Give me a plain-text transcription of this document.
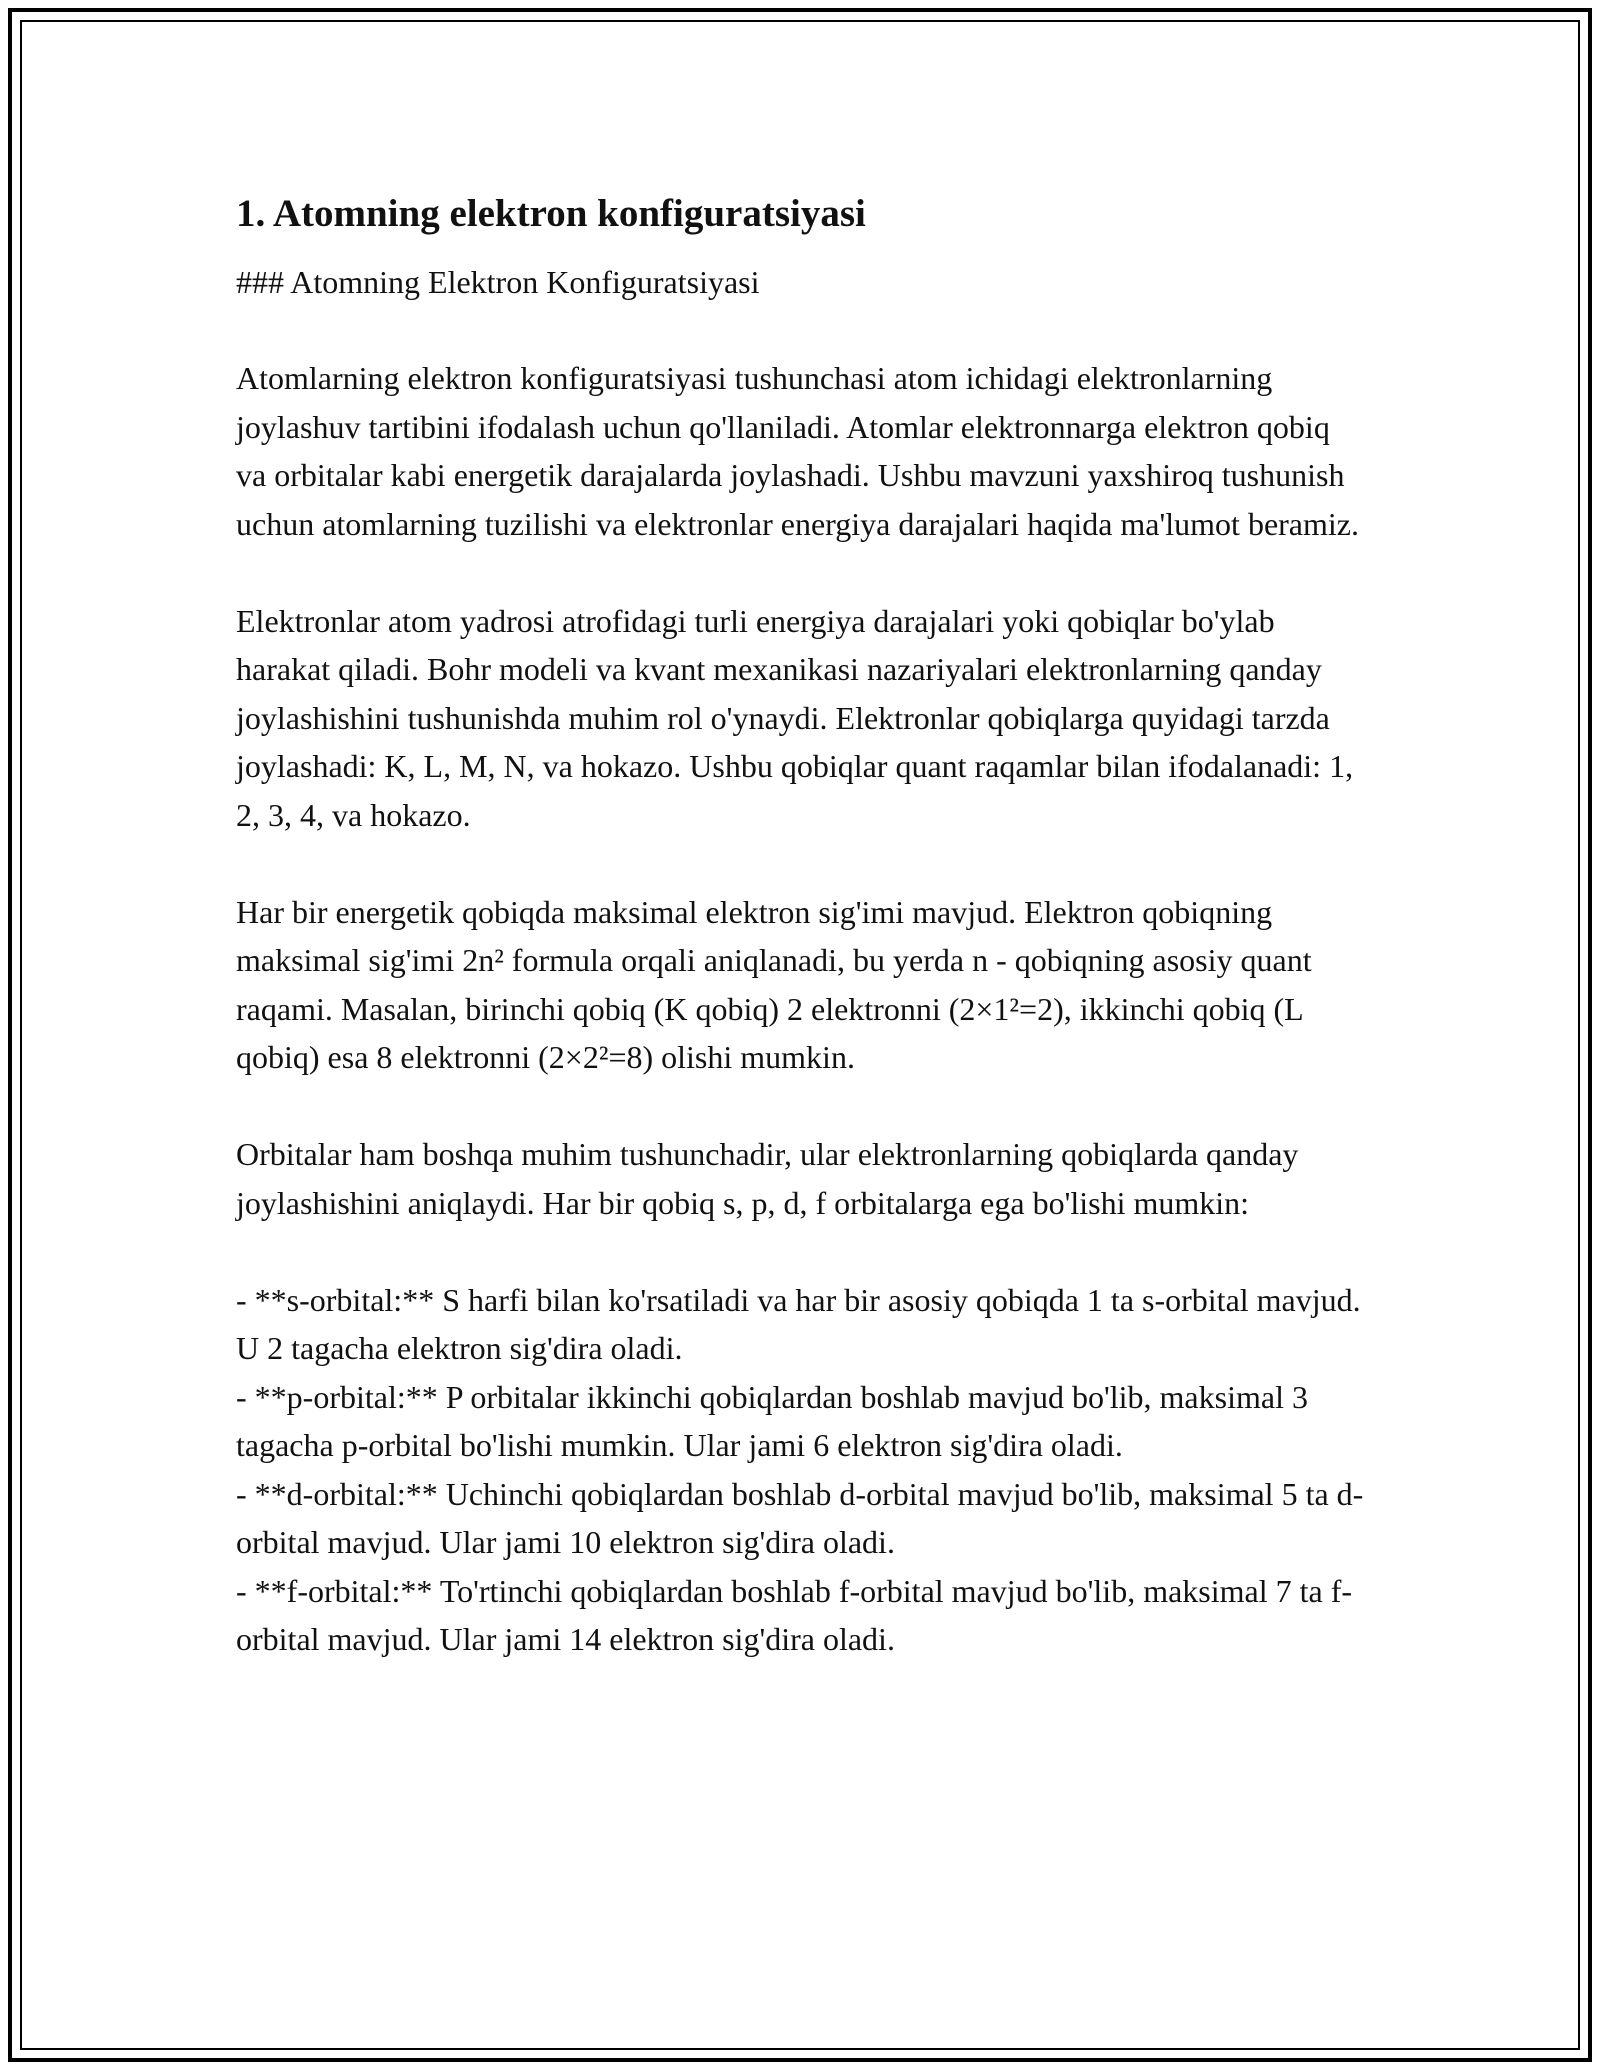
1. Atomning elektron konfiguratsiyasi
### Atomning Elektron Konfiguratsiyasi

Atomlarning elektron konfiguratsiyasi tushunchasi atom ichidagi elektronlarning joylashuv tartibini ifodalash uchun qo'llaniladi. Atomlar elektronnarga elektron qobiq va orbitalar kabi energetik darajalarda joylashadi. Ushbu mavzuni yaxshiroq tushunish uchun atomlarning tuzilishi va elektronlar energiya darajalari haqida ma'lumot beramiz.

Elektronlar atom yadrosi atrofidagi turli energiya darajalari yoki qobiqlar bo'ylab harakat qiladi. Bohr modeli va kvant mexanikasi nazariyalari elektronlarning qanday joylashishini tushunishda muhim rol o'ynaydi. Elektronlar qobiqlarga quyidagi tarzda joylashadi: K, L, M, N, va hokazo. Ushbu qobiqlar quant raqamlar bilan ifodalanadi: 1, 2, 3, 4, va hokazo.

Har bir energetik qobiqda maksimal elektron sig'imi mavjud. Elektron qobiqning maksimal sig'imi 2n² formula orqali aniqlanadi, bu yerda n - qobiqning asosiy quant raqami. Masalan, birinchi qobiq (K qobiq) 2 elektronni (2×1²=2), ikkinchi qobiq (L qobiq) esa 8 elektronni (2×2²=8) olishi mumkin.

Orbitalar ham boshqa muhim tushunchadir, ular elektronlarning qobiqlarda qanday joylashishini aniqlaydi. Har bir qobiq s, p, d, f orbitalarga ega bo'lishi mumkin:

- **s-orbital:** S harfi bilan ko'rsatiladi va har bir asosiy qobiqda 1 ta s-orbital mavjud. U 2 tagacha elektron sig'dira oladi.
- **p-orbital:** P orbitalar ikkinchi qobiqlardan boshlab mavjud bo'lib, maksimal 3 tagacha p-orbital bo'lishi mumkin. Ular jami 6 elektron sig'dira oladi.
- **d-orbital:** Uchinchi qobiqlardan boshlab d-orbital mavjud bo'lib, maksimal 5 ta d-orbital mavjud. Ular jami 10 elektron sig'dira oladi.
- **f-orbital:** To'rtinchi qobiqlardan boshlab f-orbital mavjud bo'lib, maksimal 7 ta f-orbital mavjud. Ular jami 14 elektron sig'dira oladi.
